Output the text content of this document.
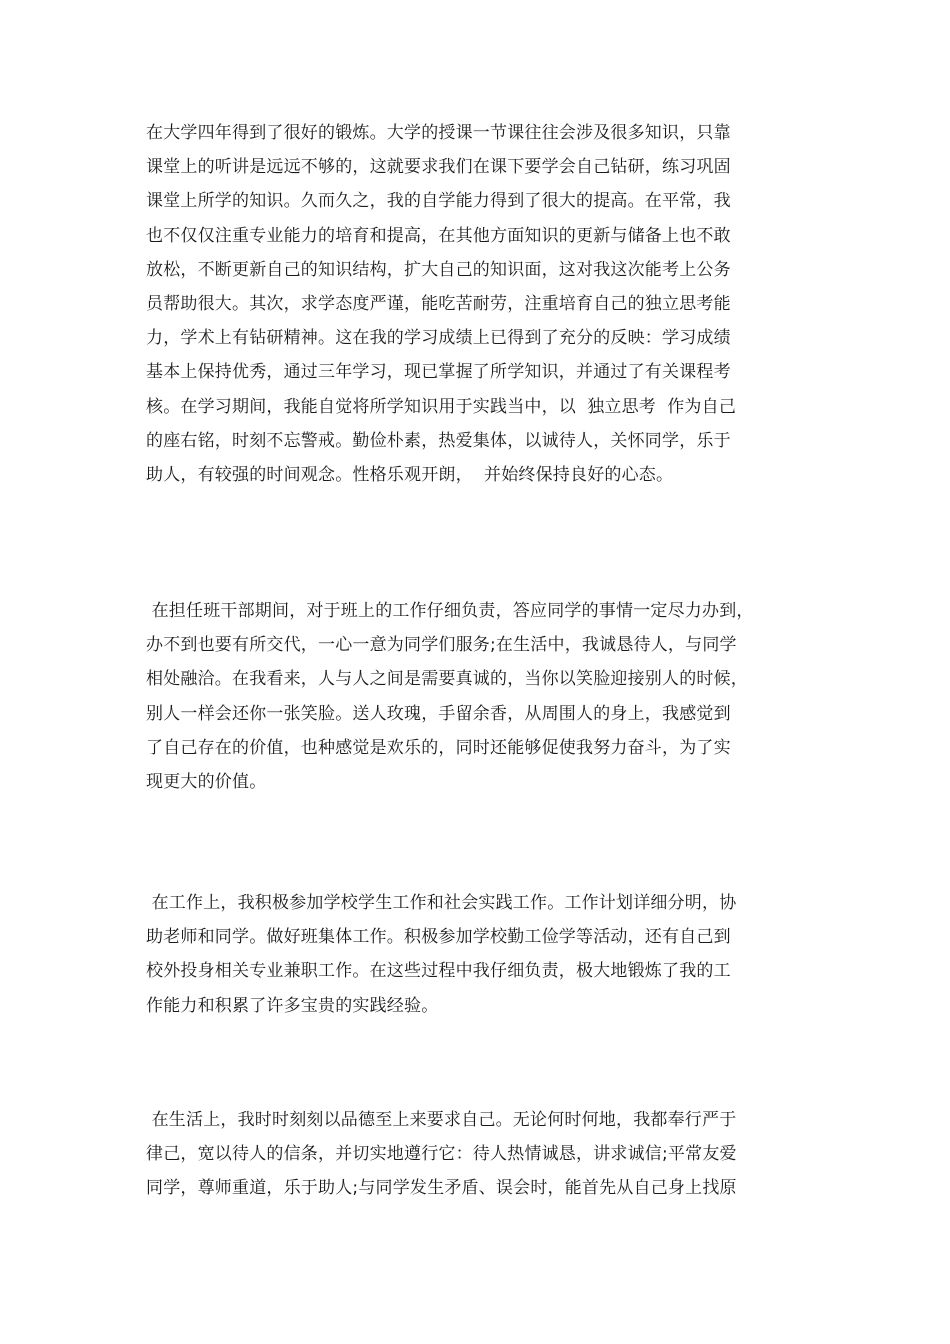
在大学四年得到了很好的锻炼。大学的授课一节课往往会涉及很多知识，只靠
课堂上的听讲是远远不够的，这就要求我们在课下要学会自己钻研，练习巩固
课堂上所学的知识。久而久之，我的自学能力得到了很大的提高。在平常，我
也不仅仅注重专业能力的培育和提高，在其他方面知识的更新与储备上也不敢
放松，不断更新自己的知识结构，扩大自己的知识面，这对我这次能考上公务
员帮助很大。其次，求学态度严谨，能吃苦耐劳，注重培育自己的独立思考能
力，学术上有钻研精神。这在我的学习成绩上已得到了充分的反映：学习成绩
基本上保持优秀，通过三年学习，现已掌握了所学知识，并通过了有关课程考
核。在学习期间，我能自觉将所学知识用于实践当中，以  独立思考  作为自己
的座右铭，时刻不忘警戒。勤俭朴素，热爱集体，以诚待人，关怀同学，乐于
助人，有较强的时间观念。性格乐观开朗，  并始终保持良好的心态。
在担任班干部期间，对于班上的工作仔细负责，答应同学的事情一定尽力办到，
办不到也要有所交代，一心一意为同学们服务;在生活中，我诚恳待人，与同学
相处融洽。在我看来，人与人之间是需要真诚的，当你以笑脸迎接别人的时候，
别人一样会还你一张笑脸。送人玫瑰，手留余香，从周围人的身上，我感觉到
了自己存在的价值，也种感觉是欢乐的，同时还能够促使我努力奋斗，为了实
现更大的价值。
在工作上，我积极参加学校学生工作和社会实践工作。工作计划详细分明，协
助老师和同学。做好班集体工作。积极参加学校勤工俭学等活动，还有自己到
校外投身相关专业兼职工作。在这些过程中我仔细负责，极大地锻炼了我的工
作能力和积累了许多宝贵的实践经验。
在生活上，我时时刻刻以品德至上来要求自己。无论何时何地，我都奉行严于
律己，宽以待人的信条，并切实地遵行它：待人热情诚恳，讲求诚信;平常友爱
同学，尊师重道，乐于助人;与同学发生矛盾、误会时，能首先从自己身上找原
